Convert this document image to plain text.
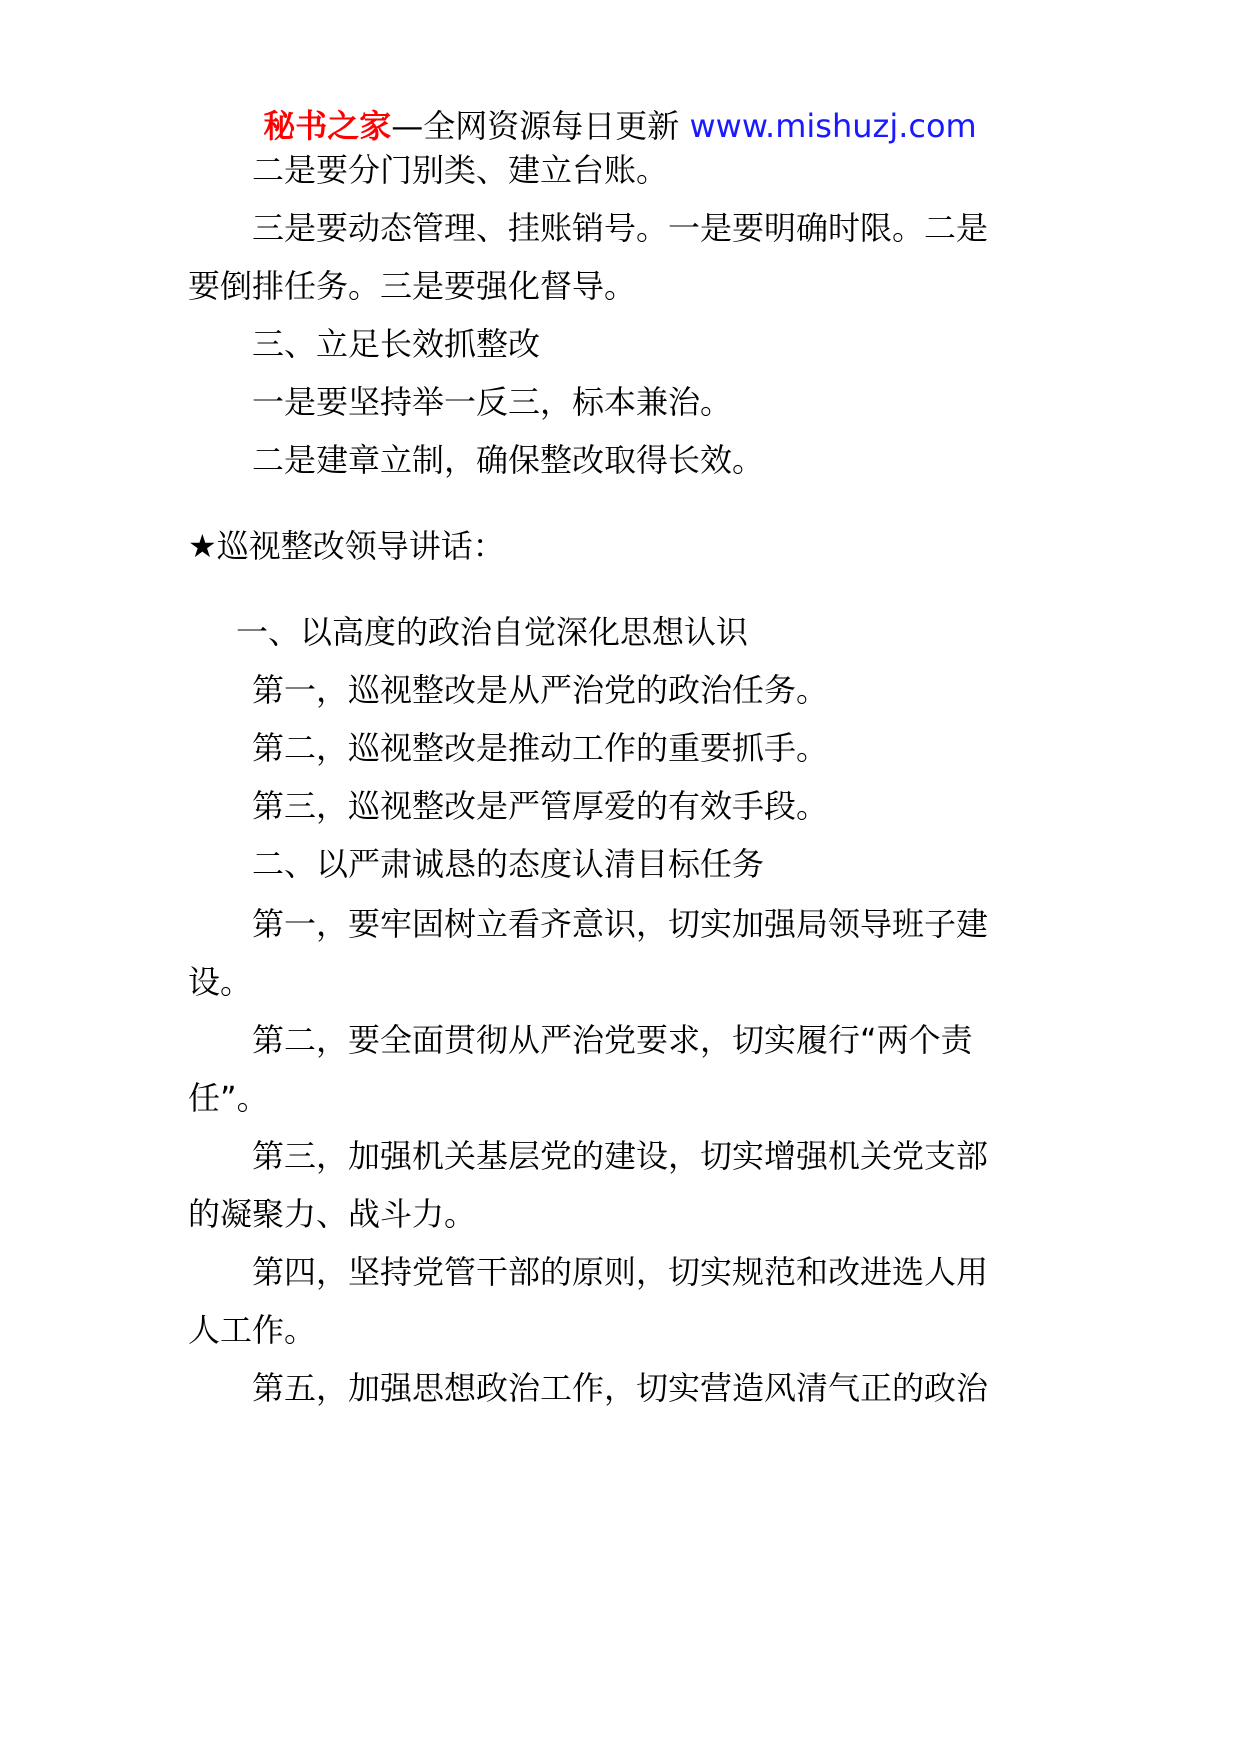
秘书之家—全网资源每日更新 www.mishuzj.com
二是要分门别类、建立台账。
三是要动态管理、挂账销号。一是要明确时限。二是
要倒排任务。三是要强化督导。
三、立足长效抓整改
一是要坚持举一反三，标本兼治。
二是建章立制，确保整改取得长效。
★巡视整改领导讲话：
一、以高度的政治自觉深化思想认识
第一，巡视整改是从严治党的政治任务。
第二，巡视整改是推动工作的重要抓手。
第三，巡视整改是严管厚爱的有效手段。
二、以严肃诚恳的态度认清目标任务
第一，要牢固树立看齐意识，切实加强局领导班子建
设。
第二，要全面贯彻从严治党要求，切实履行“两个责
任”。
第三，加强机关基层党的建设，切实增强机关党支部
的凝聚力、战斗力。
第四，坚持党管干部的原则，切实规范和改进选人用
人工作。
第五，加强思想政治工作，切实营造风清气正的政治
